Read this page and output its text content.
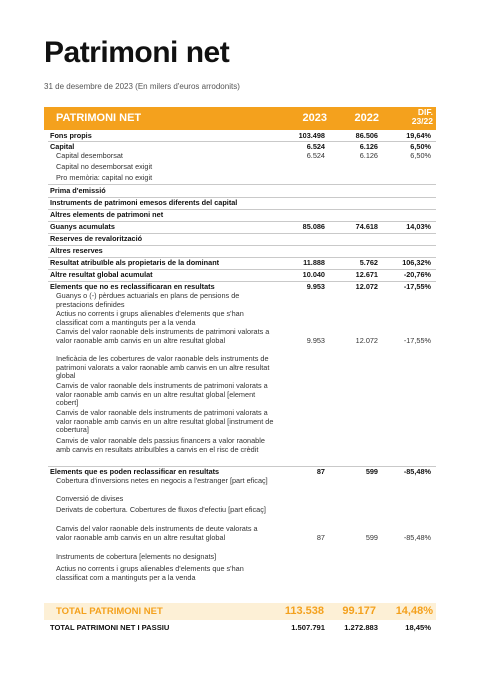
Patrimoni net
31 de desembre de 2023 (En milers d'euros arrodonits)
PATRIMONI NET	2023	2022	DIF.
23/22
Fons propis	103.498	86.506	19,64%
Capital	6.524	6.126	6,50%
Capital desemborsat	6.524	6.126	6,50%
Capital no desemborsat exigit
Pro memòria: capital no exigit
Prima d'emissió
Instruments de patrimoni emesos diferents del capital
Altres elements de patrimoni net
Guanys acumulats	85.086	74.618	14,03%
Reserves de revalorització
Altres reserves
Resultat atribuïble als propietaris de la dominant	11.888	5.762	106,32%
Altre resultat global acumulat	10.040	12.671	-20,76%
Elements que no es reclassificaran en resultats	9.953	12.072	-17,55%
Guanys o (-) pèrdues actuarials en plans de pensions de prestacions definides
Actius no corrents i grups alienables d'elements que s'han classificat com a mantinguts per a la venda
Canvis del valor raonable dels instruments de patrimoni valorats a valor raonable amb canvis en un altre resultat global	9.953	12.072	-17,55%
Ineficàcia de les cobertures de valor raonable dels instruments de patrimoni valorats a valor raonable amb canvis en un altre resultat global
Canvis de valor raonable dels instruments de patrimoni valorats a valor raonable amb canvis en un altre resultat global [element cobert]
Canvis de valor raonable dels instruments de patrimoni valorats a valor raonable amb canvis en un altre resultat global [instrument de cobertura]
Canvis de valor raonable dels passius financers a valor raonable amb canvis en resultats atribuïbles a canvis en el risc de crèdit
Elements que es poden reclassificar en resultats	87	599	-85,48%
Cobertura d'inversions netes en negocis a l'estranger [part eficaç]
Conversió de divises
Derivats de cobertura. Cobertures de fluxos d'efectiu [part eficaç]
Canvis del valor raonable dels instruments de deute valorats a valor raonable amb canvis en un altre resultat global	87	599	-85,48%
Instruments de cobertura [elements no designats]
Actius no corrents i grups alienables d'elements que s'han classificat com a mantinguts per a la venda
TOTAL PATRIMONI NET	113.538 99.177 14,48%
TOTAL PATRIMONI NET I PASSIU	1.507.791	1.272.883	18,45%
